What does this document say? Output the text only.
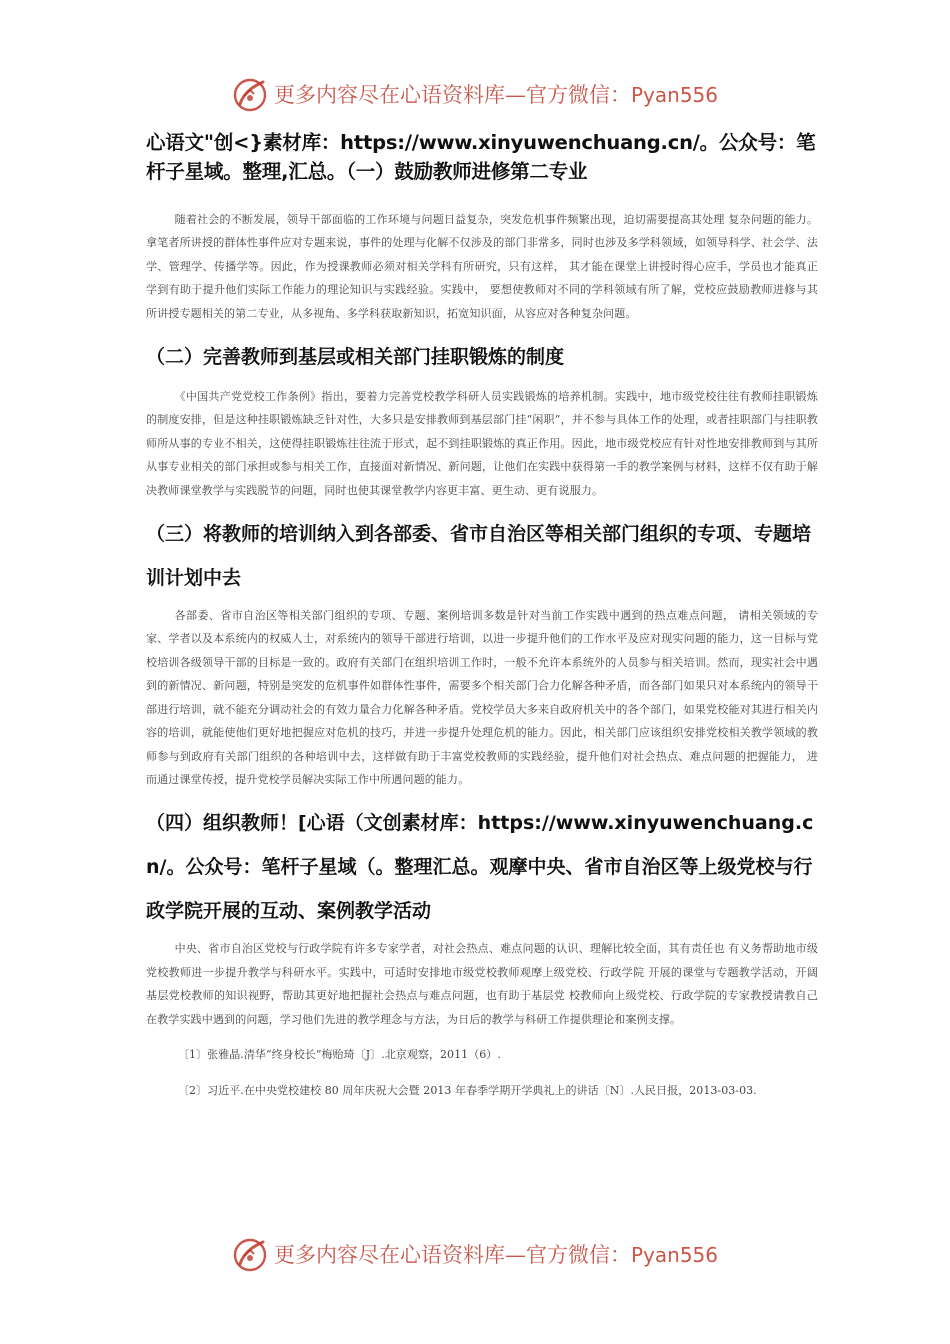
更多内容尽在心语资料库—官方微信：Pyan556
心语文"创<}素材库：https://www.xinyuwenchuang.cn/。公众号：笔杆子星域。整理,汇总。（一）鼓励教师进修第二专业

随着社会的不断发展，领导干部面临的工作环境与问题日益复杂，突发危机事件频繁出现，迫切需要提高其处理 复杂问题的能力。拿笔者所讲授的群体性事件应对专题来说，事件的处理与化解不仅涉及的部门非常多，同时也涉及多学科领域，如领导科学、社会学、法学、管理学、传播学等。因此，作为授课教师必须对相关学科有所研究，只有这样， 其才能在课堂上讲授时得心应手，学员也才能真正学到有助于提升他们实际工作能力的理论知识与实践经验。实践中， 要想使教师对不同的学科领域有所了解，党校应鼓励教师进修与其所讲授专题相关的第二专业，从多视角、多学科获取新知识，拓宽知识面，从容应对各种复杂问题。

（二）完善教师到基层或相关部门挂职锻炼的制度

《中国共产党党校工作条例》指出，要着力完善党校教学科研人员实践锻炼的培养机制。实践中，地市级党校往往有教师挂职锻炼的制度安排，但是这种挂职锻炼缺乏针对性，大多只是安排教师到基层部门挂“闲职”，并不参与具体工作的处理，或者挂职部门与挂职教师所从事的专业不相关，这使得挂职锻炼往往流于形式，起不到挂职锻炼的真正作用。因此，地市级党校应有针对性地安排教师到与其所从事专业相关的部门承担或参与相关工作，直接面对新情况、新问题，让他们在实践中获得第一手的教学案例与材料，这样不仅有助于解决教师课堂教学与实践脱节的问题，同时也使其课堂教学内容更丰富、更生动、更有说服力。

（三）将教师的培训纳入到各部委、省市自治区等相关部门组织的专项、专题培训计划中去

各部委、省市自治区等相关部门组织的专项、专题、案例培训多数是针对当前工作实践中遇到的热点难点问题， 请相关领域的专家、学者以及本系统内的权威人士，对系统内的领导干部进行培训，以进一步提升他们的工作水平及应对现实问题的能力，这一目标与党校培训各级领导干部的目标是一致的。政府有关部门在组织培训工作时，一般不允许本系统外的人员参与相关培训。然而，现实社会中遇到的新情况、新问题，特别是突发的危机事件如群体性事件，需要多个相关部门合力化解各种矛盾，而各部门如果只对本系统内的领导干部进行培训，就不能充分调动社会的有效力量合力化解各种矛盾。党校学员大多来自政府机关中的各个部门，如果党校能对其进行相关内容的培训，就能使他们更好地把握应对危机的技巧，并进一步提升处理危机的能力。因此，相关部门应该组织安排党校相关教学领域的教师参与到政府有关部门组织的各种培训中去，这样做有助于丰富党校教师的实践经验，提升他们对社会热点、难点问题的把握能力， 进而通过课堂传授，提升党校学员解决实际工作中所遇问题的能力。

（四）组织教师！[心语（文创素材库：https://www.xinyuwenchuang.cn/。公众号：笔杆子星域（。整理汇总。观摩中央、省市自治区等上级党校与行政学院开展的互动、案例教学活动

中央、省市自治区党校与行政学院有许多专家学者，对社会热点、难点问题的认识、理解比较全面，其有责任也 有义务帮助地市级党校教师进一步提升教学与科研水平。实践中，可适时安排地市级党校教师观摩上级党校、行政学院 开展的课堂与专题教学活动，开阔基层党校教师的知识视野，帮助其更好地把握社会热点与难点问题，也有助于基层党 校教师向上级党校、行政学院的专家教授请教自己在教学实践中遇到的问题，学习他们先进的教学理念与方法，为日后的教学与科研工作提供理论和案例支撑。

〔1〕张雅晶.清华“终身校长”梅贻琦〔J〕.北京观察，2011（6）.
〔2〕习近平.在中央党校建校 80 周年庆祝大会暨 2013 年春季学期开学典礼上的讲话〔N〕.人民日报，2013-03-03.
更多内容尽在心语资料库—官方微信：Pyan556
